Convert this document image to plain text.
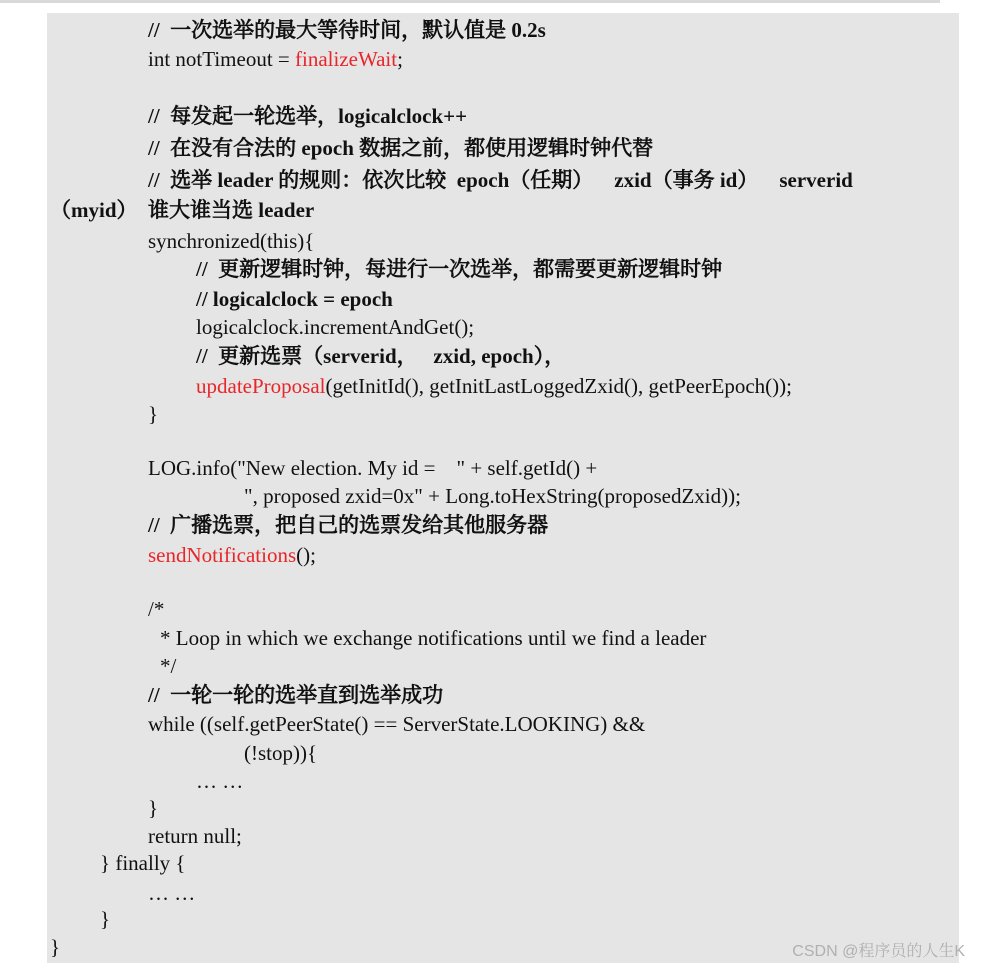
//  一次选举的最大等待时间，默认值是 0.2s
int notTimeout = finalizeWait;
//  每发起一轮选举，logicalclock++
//  在没有合法的 epoch 数据之前，都使用逻辑时钟代替
//  选举 leader 的规则：依次比较  epoch（任期）    zxid（事务 id）    serverid
（myid）  谁大谁当选 leader
synchronized(this){
//  更新逻辑时钟，每进行一次选举，都需要更新逻辑时钟
// logicalclock = epoch
logicalclock.incrementAndGet();
//  更新选票（serverid，   zxid, epoch），
updateProposal(getInitId(), getInitLastLoggedZxid(), getPeerEpoch());
}
LOG.info("New election. My id =    " + self.getId() +
", proposed zxid=0x" + Long.toHexString(proposedZxid));
//  广播选票，把自己的选票发给其他服务器
sendNotifications();
/*
* Loop in which we exchange notifications until we find a leader
*/
//  一轮一轮的选举直到选举成功
while ((self.getPeerState() == ServerState.LOOKING) &&
(!stop)){
… …
}
return null;
} finally {
… …
}
}	CSDN @程序员的人生K
